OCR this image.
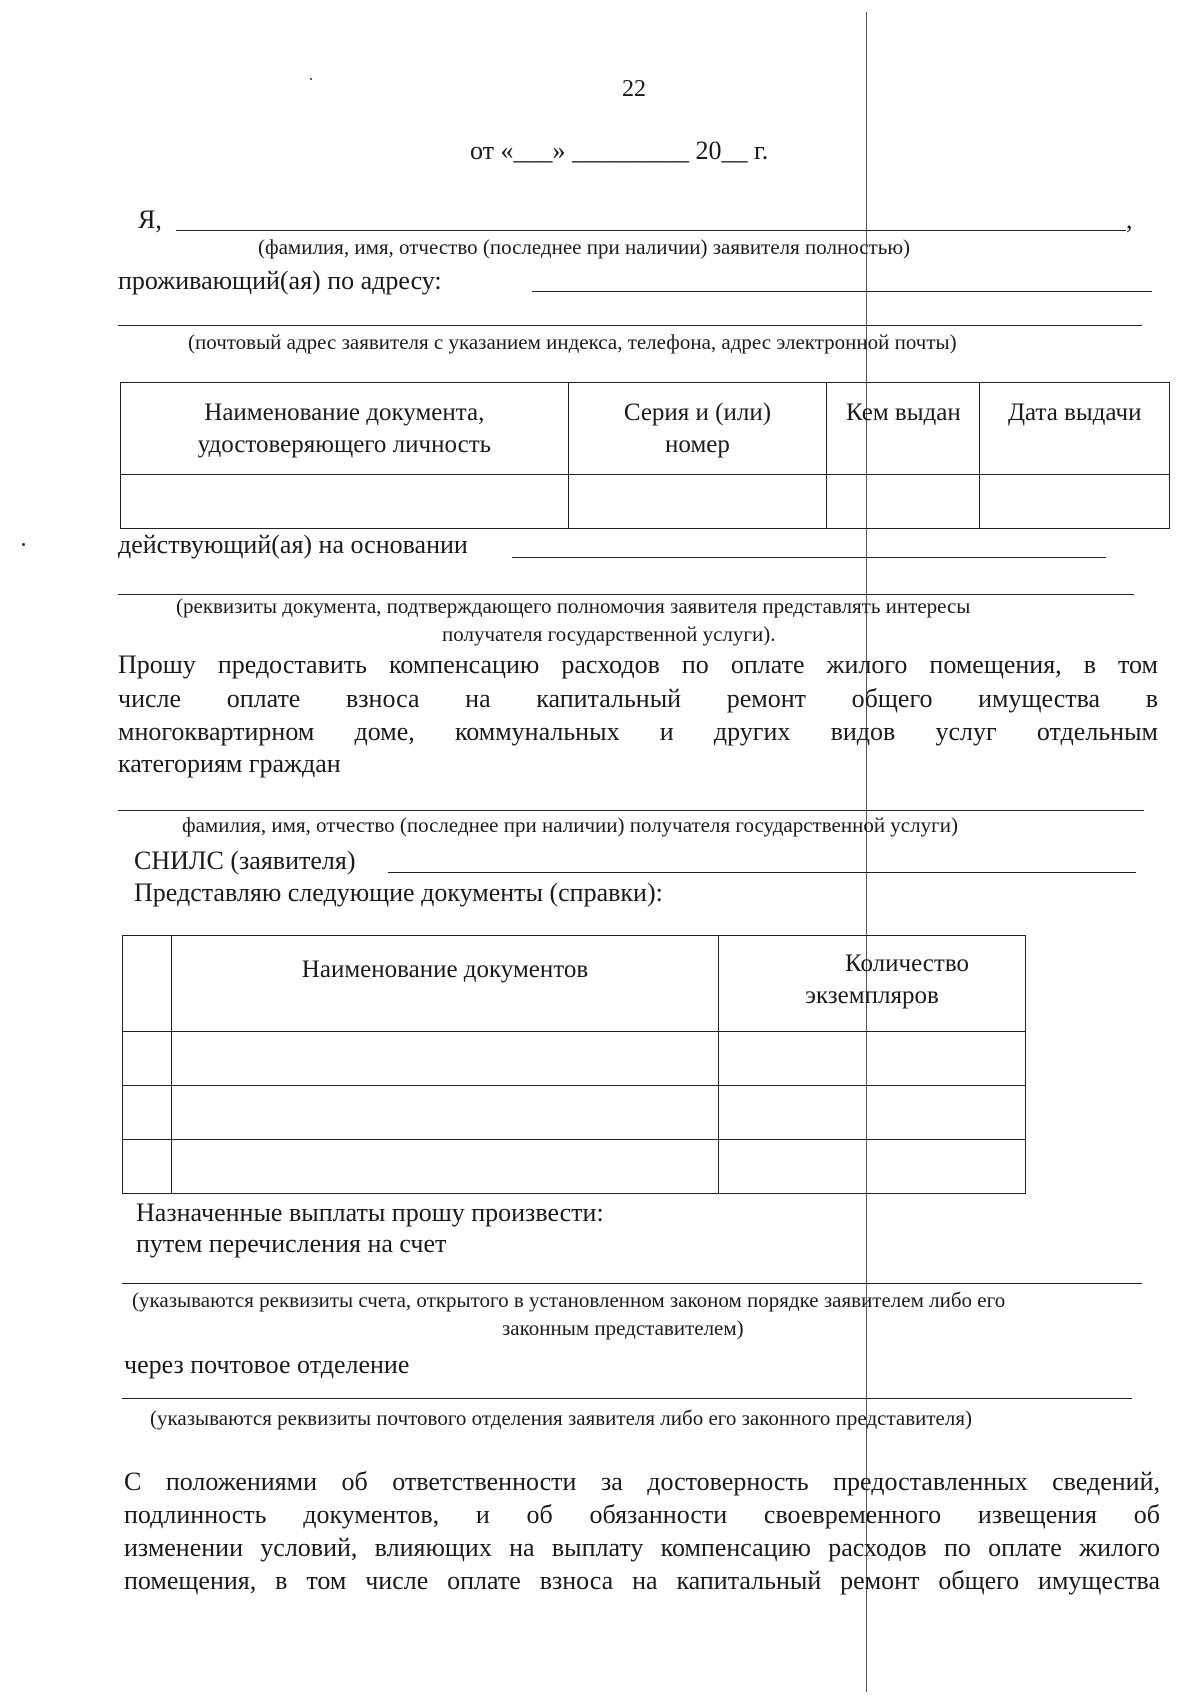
22
от «___» _________ 20__ г.
Я,	,
(фамилия, имя, отчество (последнее при наличии) заявителя полностью)
проживающий(ая) по адресу:
(почтовый адрес заявителя с указанием индекса, телефона, адрес электронной почты)
Наименование документа, удостоверяющего личность	Серия и (или) номер	Кем выдан	Дата выдачи

действующий(ая) на основании
(реквизиты документа, подтверждающего полномочия заявителя представлять интересы
получателя государственной услуги).
Прошу предоставить компенсацию расходов по оплате жилого помещения, в том
числе оплате взноса на капитальный ремонт общего имущества в
многоквартирном доме, коммунальных и других видов услуг отдельным
категориям граждан
фамилия, имя, отчество (последнее при наличии) получателя государственной услуги)
СНИЛС (заявителя)
Представляю следующие документы (справки):
	Наименование документов	Количество
экземпляров

Назначенные выплаты прошу произвести:
путем перечисления на счет
(указываются реквизиты счета, открытого в установленном законом порядке заявителем либо его
законным представителем)
через почтовое отделение
(указываются реквизиты почтового отделения заявителя либо его законного представителя)
С положениями об ответственности за достоверность предоставленных сведений,
подлинность документов, и об обязанности своевременного извещения об
изменении условий, влияющих на выплату компенсацию расходов по оплате жилого
помещения, в том числе оплате взноса на капитальный ремонт общего имущества
